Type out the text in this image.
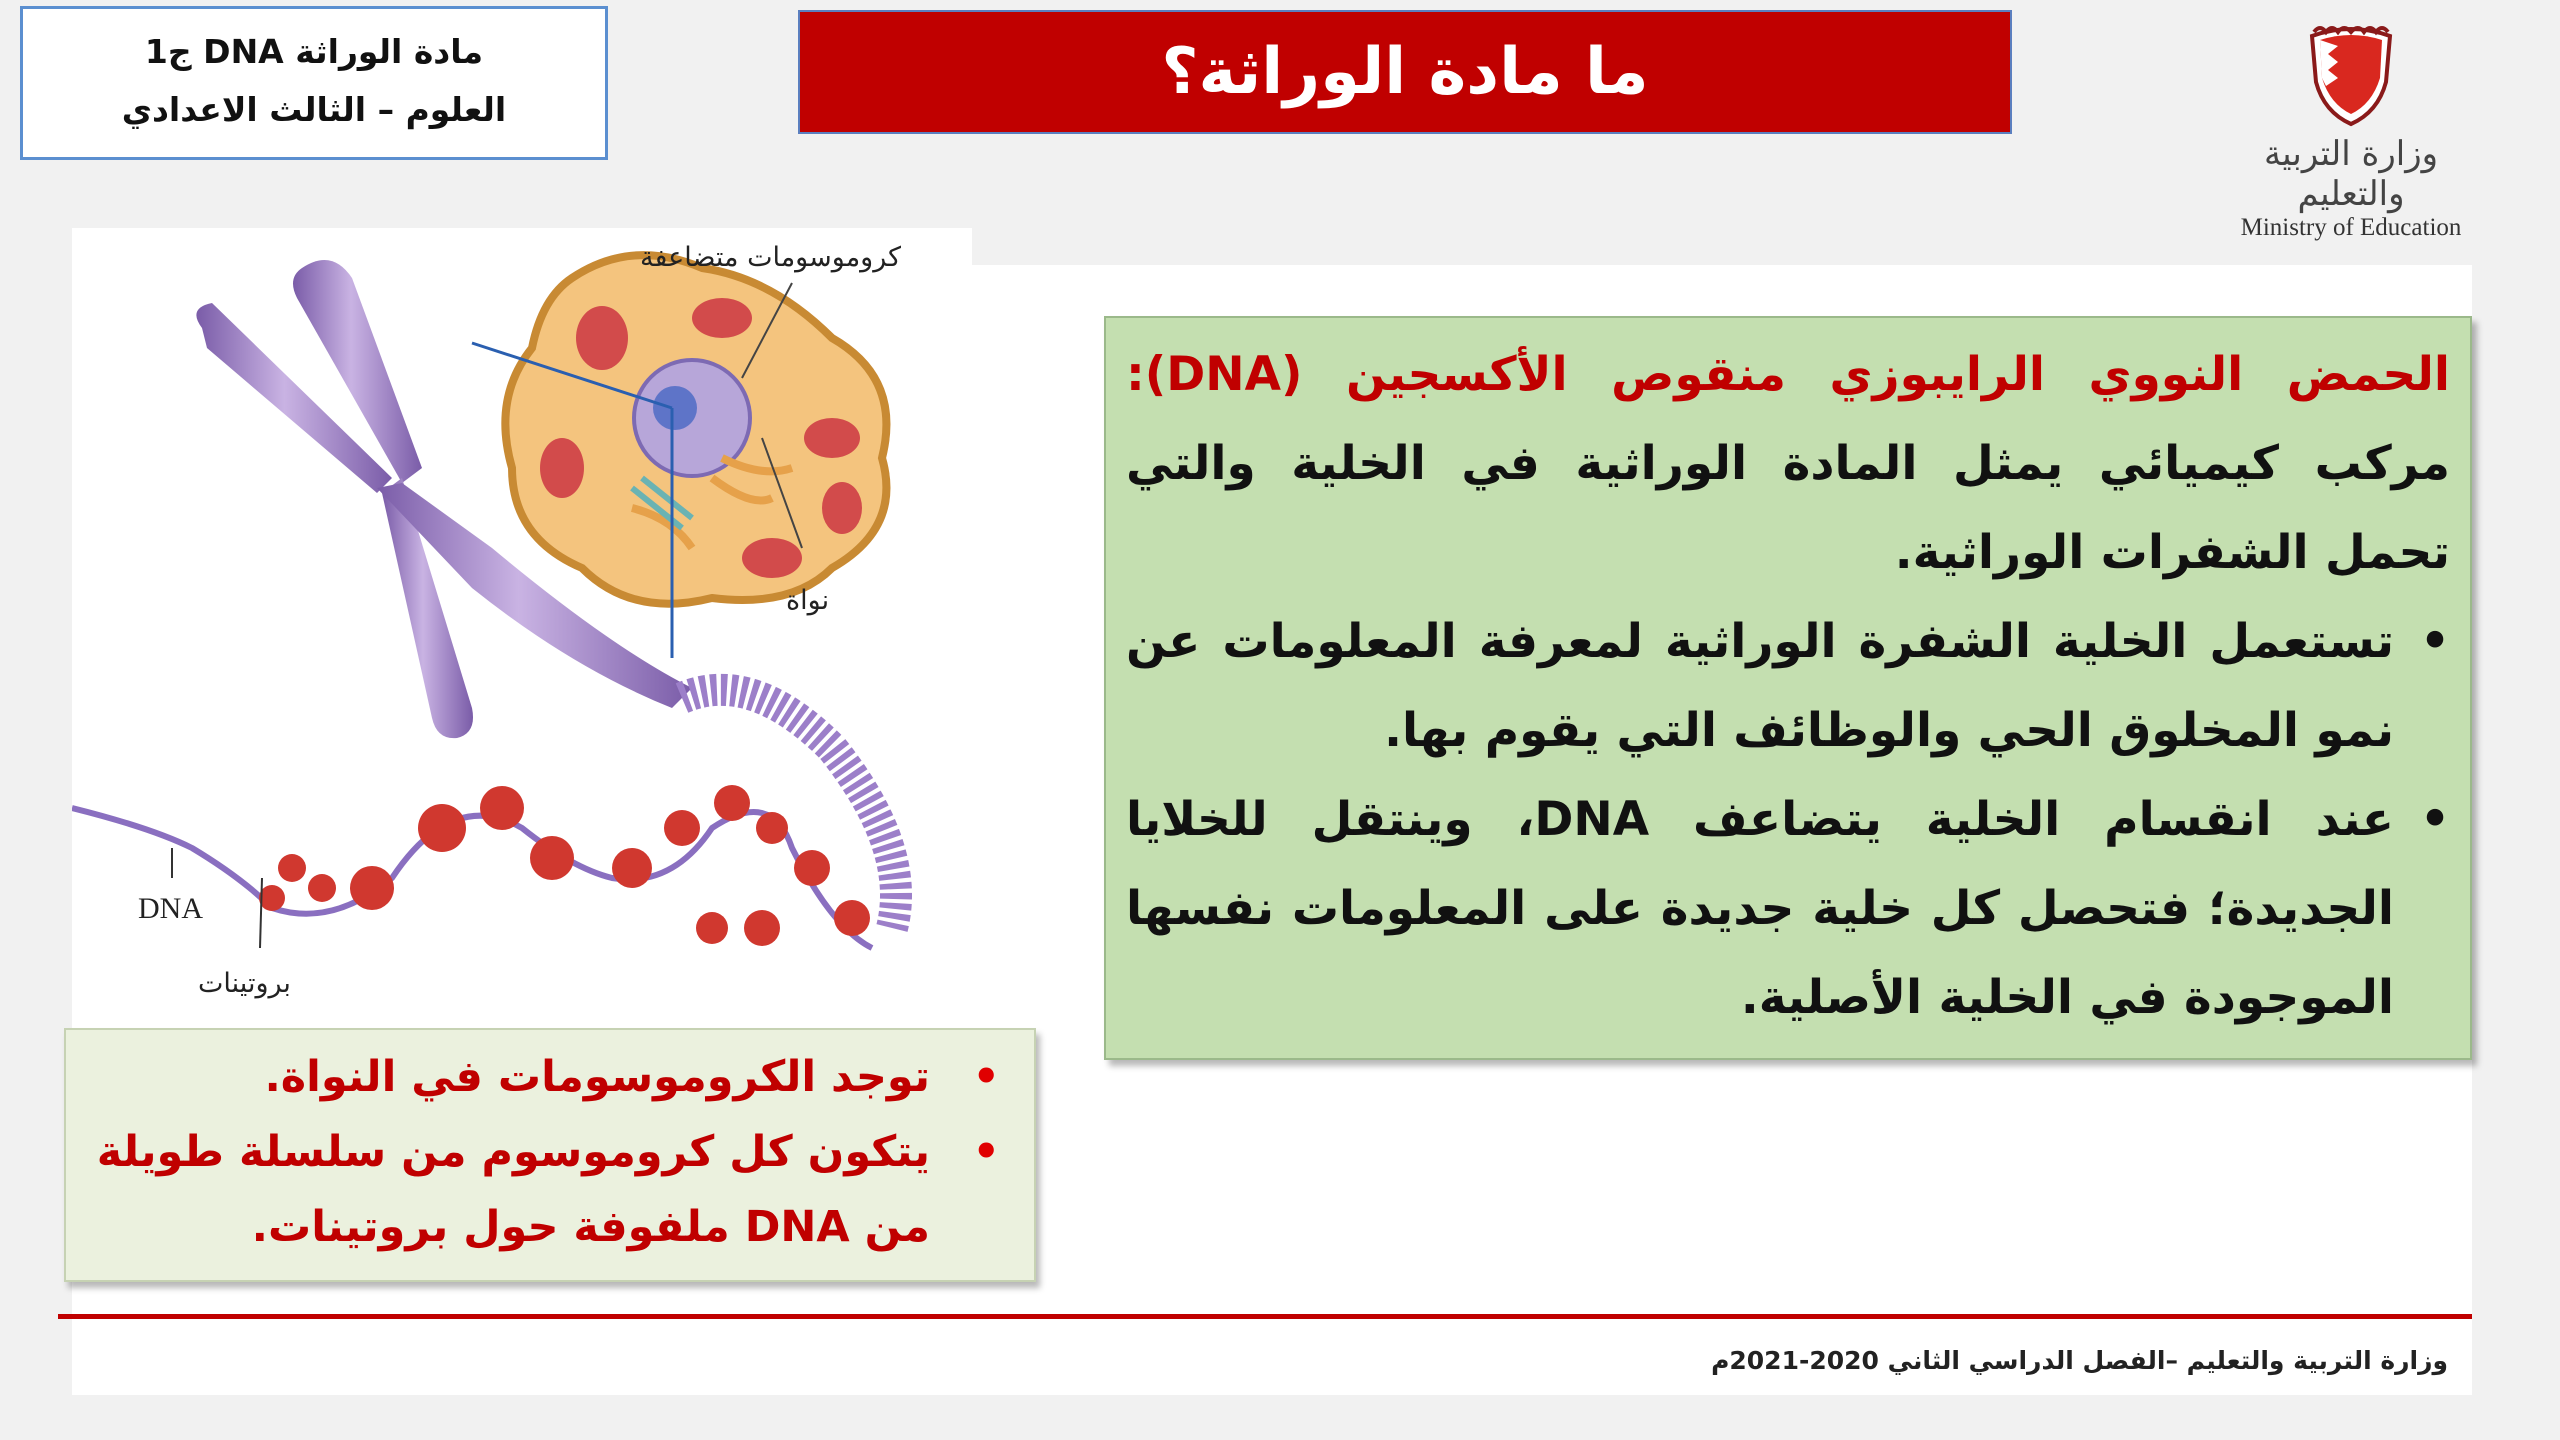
مادة الوراثة DNA ج1
العلوم – الثالث الاعدادي
ما مادة الوراثة؟
وزارة التربية والتعليم
Ministry of Education
كروموسومات متضاعفة
نواة
DNA
بروتينات
الحمض النووي الرايبوزي منقوص الأكسجين (DNA): مركب كيميائي يمثل المادة الوراثية في الخلية والتي تحمل الشفرات الوراثية.
• تستعمل الخلية الشفرة الوراثية لمعرفة المعلومات عن نمو المخلوق الحي والوظائف التي يقوم بها.
• عند انقسام الخلية يتضاعف DNA، وينتقل للخلايا الجديدة؛ فتحصل كل خلية جديدة على المعلومات نفسها الموجودة في الخلية الأصلية.
• توجد الكروموسومات في النواة.
• يتكون كل كروموسوم من سلسلة طويلة من DNA ملفوفة حول بروتينات.
وزارة التربية والتعليم –الفصل الدراسي الثاني 2020-2021م
